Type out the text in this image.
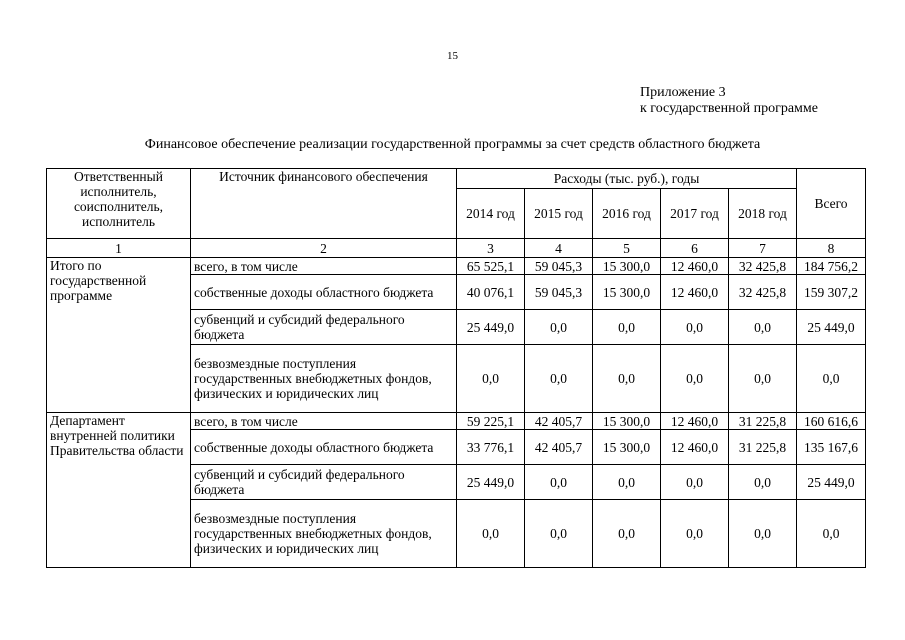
15
Приложение 3
к государственной программе
Финансовое обеспечение реализации государственной программы за счет средств областного бюджета
Ответственный исполнитель, соисполнитель, исполнитель	Источник финансового обеспечения	Расходы (тыс. руб.), годы					Всего
		2014 год	2015 год	2016 год	2017 год	2018 год	
1	2	3	4	5	6	7	8
Итого по государственной программе	всего, в том числе	65 525,1	59 045,3	15 300,0	12 460,0	32 425,8	184 756,2
	собственные доходы областного бюджета	40 076,1	59 045,3	15 300,0	12 460,0	32 425,8	159 307,2
	субвенций и субсидий федерального бюджета	25 449,0	0,0	0,0	0,0	0,0	25 449,0
	безвозмездные поступления государственных внебюджетных фондов, физических и юридических лиц	0,0	0,0	0,0	0,0	0,0	0,0
Департамент внутренней политики Правительства области	всего, в том числе	59 225,1	42 405,7	15 300,0	12 460,0	31 225,8	160 616,6
	собственные доходы областного бюджета	33 776,1	42 405,7	15 300,0	12 460,0	31 225,8	135 167,6
	субвенций и субсидий федерального бюджета	25 449,0	0,0	0,0	0,0	0,0	25 449,0
	безвозмездные поступления государственных внебюджетных фондов, физических и юридических лиц	0,0	0,0	0,0	0,0	0,0	0,0
